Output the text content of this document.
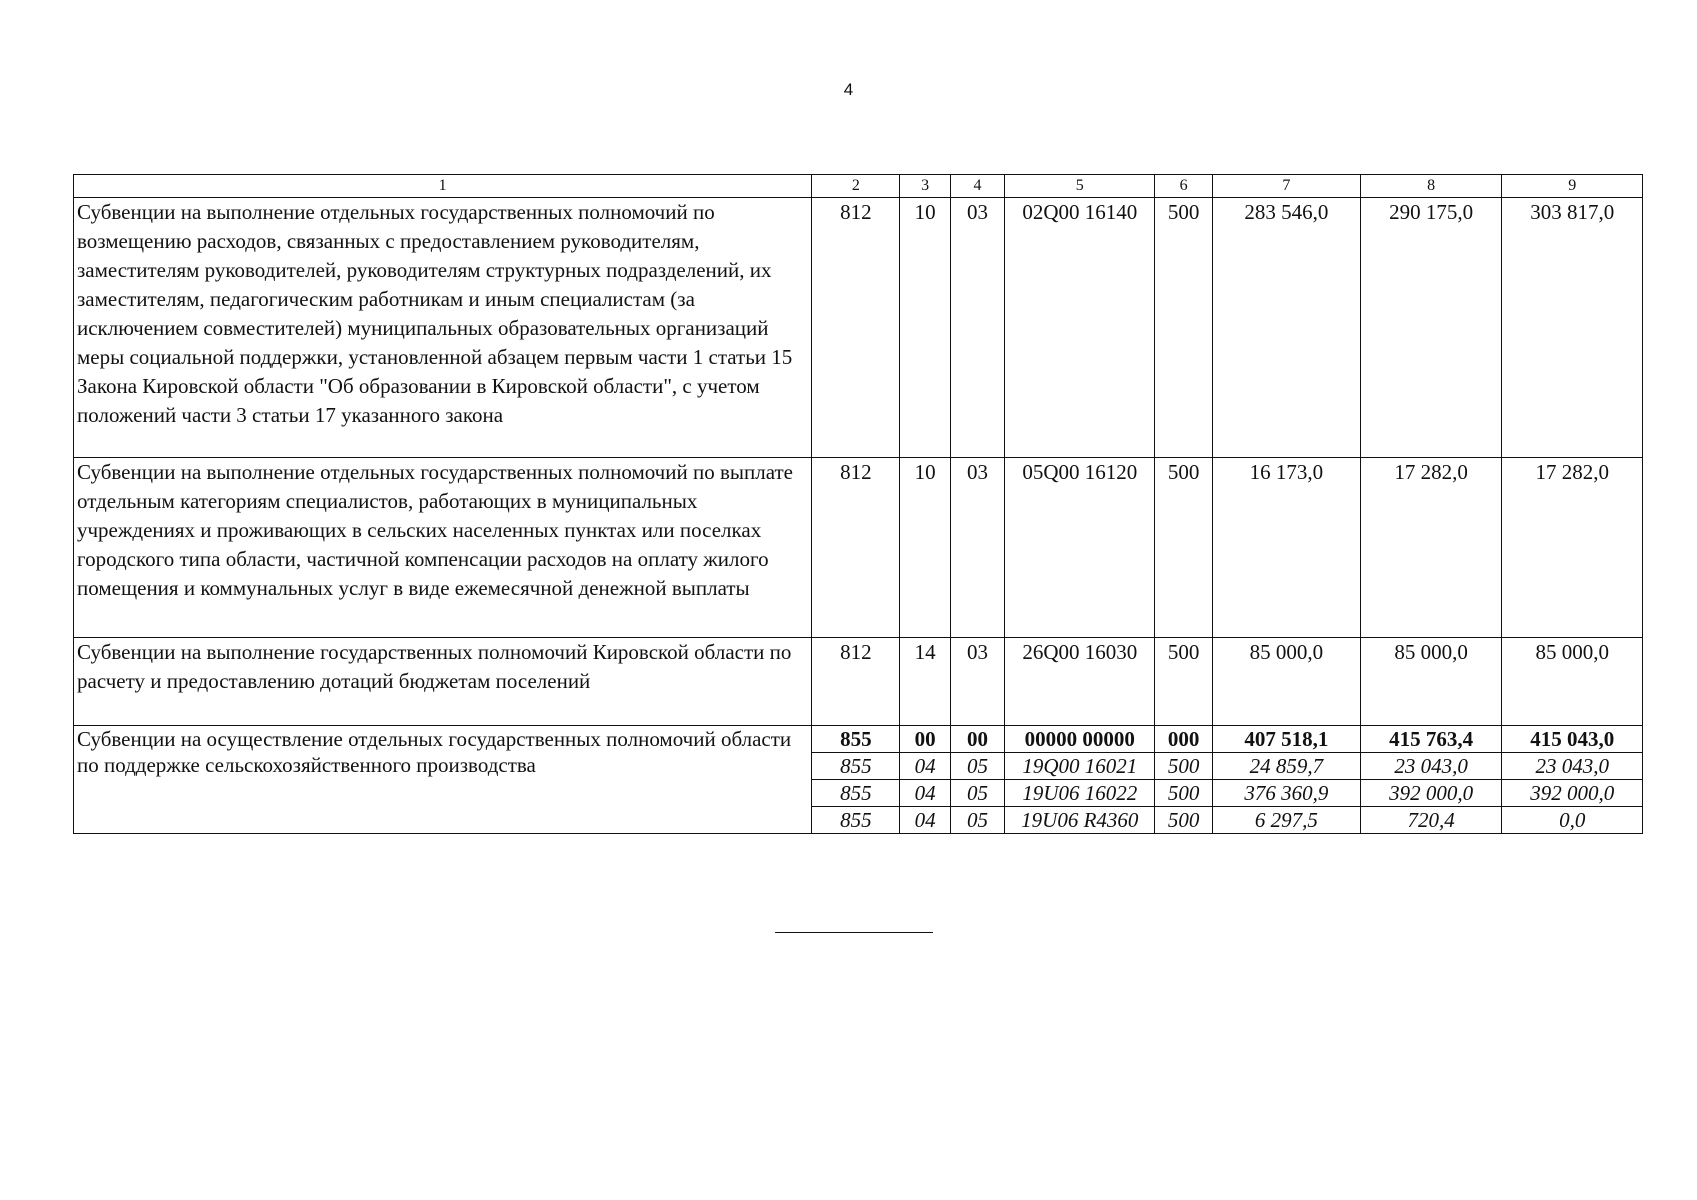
4
1	2	3	4	5	6	7	8	9
Субвенции на выполнение отдельных государственных полномочий по возмещению расходов, связанных с предоставлением руководителям, заместителям руководителей, руководителям структурных подразделений, их заместителям, педагогическим работникам и иным специалистам (за исключением совместителей) муниципальных образовательных организаций меры социальной поддержки, установленной абзацем первым части 1 статьи 15 Закона Кировской области "Об образовании в Кировской области", с учетом положений части 3 статьи 17 указанного закона	812	10	03	02Q00 16140	500	283 546,0	290 175,0	303 817,0
Субвенции на выполнение отдельных государственных полномочий по выплате отдельным категориям специалистов, работающих в муниципальных учреждениях и проживающих в сельских населенных пунктах или поселках городского типа области, частичной компенсации расходов на оплату жилого помещения и коммунальных услуг в виде ежемесячной денежной выплаты	812	10	03	05Q00 16120	500	16 173,0	17 282,0	17 282,0
Субвенции на выполнение государственных полномочий Кировской области по расчету и предоставлению дотаций бюджетам поселений	812	14	03	26Q00 16030	500	85 000,0	85 000,0	85 000,0
Субвенции на осуществление отдельных государственных полномочий области по поддержке сельскохозяйственного производства	855	00	00	00000 00000	000	407 518,1	415 763,4	415 043,0
	855	04	05	19Q00 16021	500	24 859,7	23 043,0	23 043,0
	855	04	05	19U06 16022	500	376 360,9	392 000,0	392 000,0
	855	04	05	19U06 R4360	500	6 297,5	720,4	0,0
